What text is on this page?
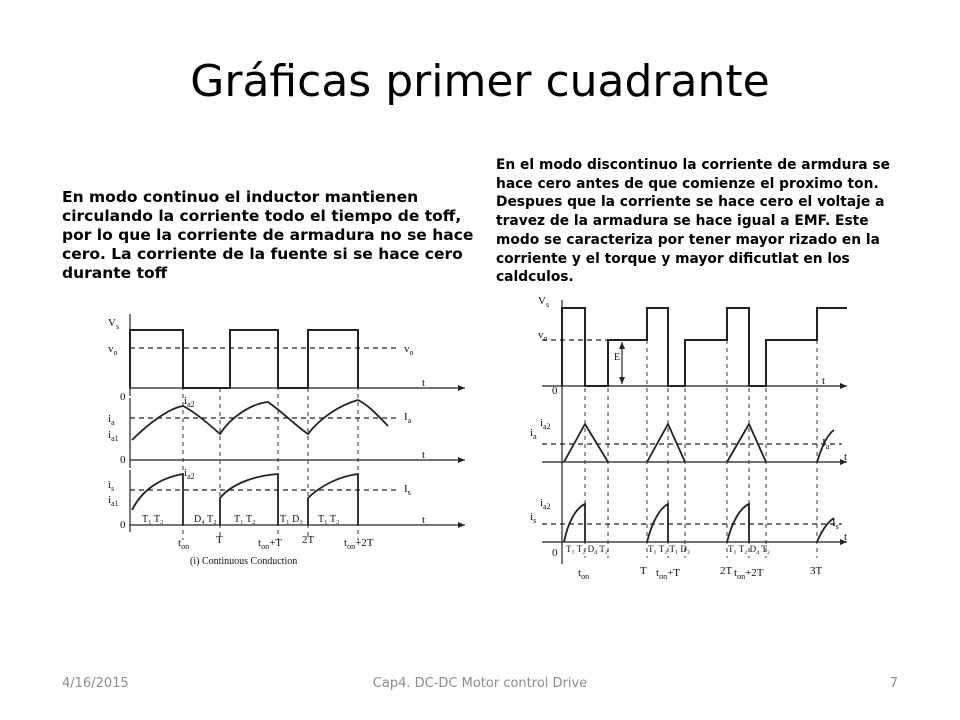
Gráficas primer cuadrante

En modo continuo el inductor mantienen circulando la corriente todo el tiempo de toff, por lo que la corriente de armadura no se hace cero. La corriente de la fuente si se hace cero durante toff

En el modo discontinuo la corriente de armdura se hace cero antes de que comienze el proximo ton. Despues que la corriente se hace cero el voltaje a travez de la armadura se hace igual a EMF. Este modo se caracteriza por tener mayor rizado en la corriente y el torque y mayor dificutlat en los caldculos.

$V_s$
$v_o$	$v_o$
t
t
t
0
0
0
$i_a$
$i_{a2}$
$i_{a1}$
$I_a$
$i_s$
$i_{a2}$
$i_{a1}$
$I_s$
T₁ T₂	D₄ T₂ T₁ T₂ T₁ D₃ T₁ T₂
$t_{on}$
T	$t_{on}+T$ 2T	$t_{on}+2T$
(i) Continuous Conduction
$V_s$
$v_o$
E
t
t
t
0
0
$i_a$
$i_{a2}$
$I_a$
$i_s$
$i_{a2}$
$I_s$
T₁ T₂ D₄ T₂	T₁ T₂ T₁ D₃	T₁ T₂ D₄ T₂
$t_{on}$	T $t_{on}+T$	2T $t_{on}+2T$	3T
4/16/2015	Cap4. DC-DC Motor control Drive	7
